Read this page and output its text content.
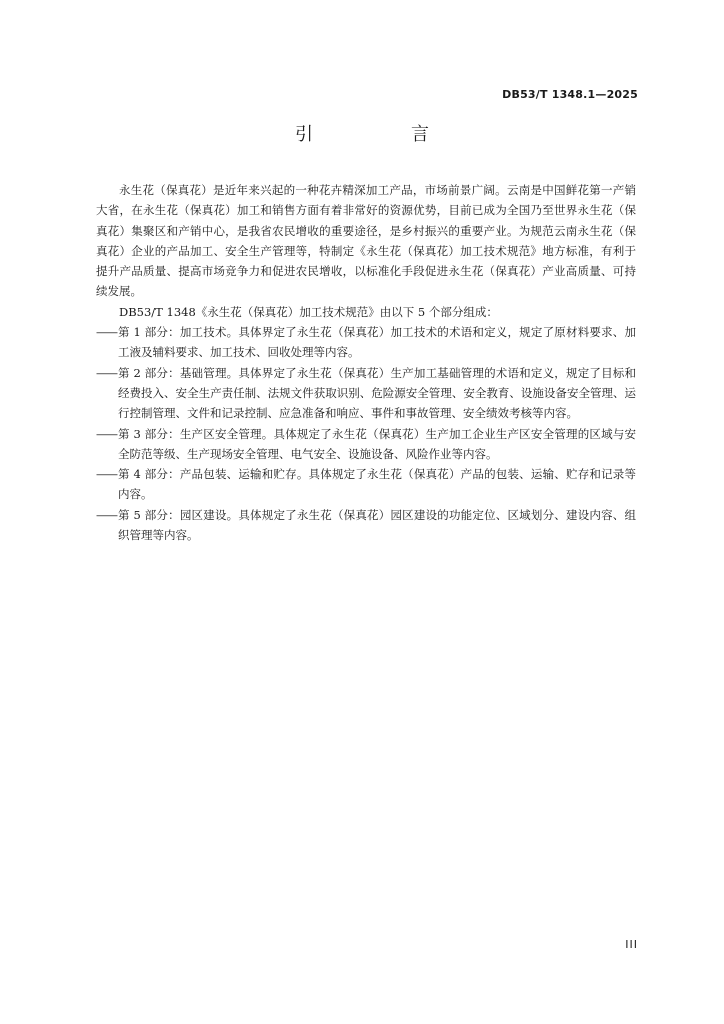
DB53/T 1348.1—2025
引　言

永生花（保真花）是近年来兴起的一种花卉精深加工产品，市场前景广阔。云南是中国鲜花第一产销大省，在永生花（保真花）加工和销售方面有着非常好的资源优势，目前已成为全国乃至世界永生花（保真花）集聚区和产销中心，是我省农民增收的重要途径，是乡村振兴的重要产业。为规范云南永生花（保真花）企业的产品加工、安全生产管理等，特制定《永生花（保真花）加工技术规范》地方标准，有利于提升产品质量、提高市场竞争力和促进农民增收，以标准化手段促进永生花（保真花）产业高质量、可持续发展。

DB53/T 1348《永生花（保真花）加工技术规范》由以下 5 个部分组成：

—— 第 1 部分：加工技术。具体界定了永生花（保真花）加工技术的术语和定义，规定了原材料要求、加工液及辅料要求、加工技术、回收处理等内容。
—— 第 2 部分：基础管理。具体界定了永生花（保真花）生产加工基础管理的术语和定义，规定了目标和经费投入、安全生产责任制、法规文件获取识别、危险源安全管理、安全教育、设施设备安全管理、运行控制管理、文件和记录控制、应急准备和响应、事件和事故管理、安全绩效考核等内容。
—— 第 3 部分：生产区安全管理。具体规定了永生花（保真花）生产加工企业生产区安全管理的区域与安全防范等级、生产现场安全管理、电气安全、设施设备、风险作业等内容。
—— 第 4 部分：产品包装、运输和贮存。具体规定了永生花（保真花）产品的包装、运输、贮存和记录等内容。
—— 第 5 部分：园区建设。具体规定了永生花（保真花）园区建设的功能定位、区域划分、建设内容、组织管理等内容。
III
